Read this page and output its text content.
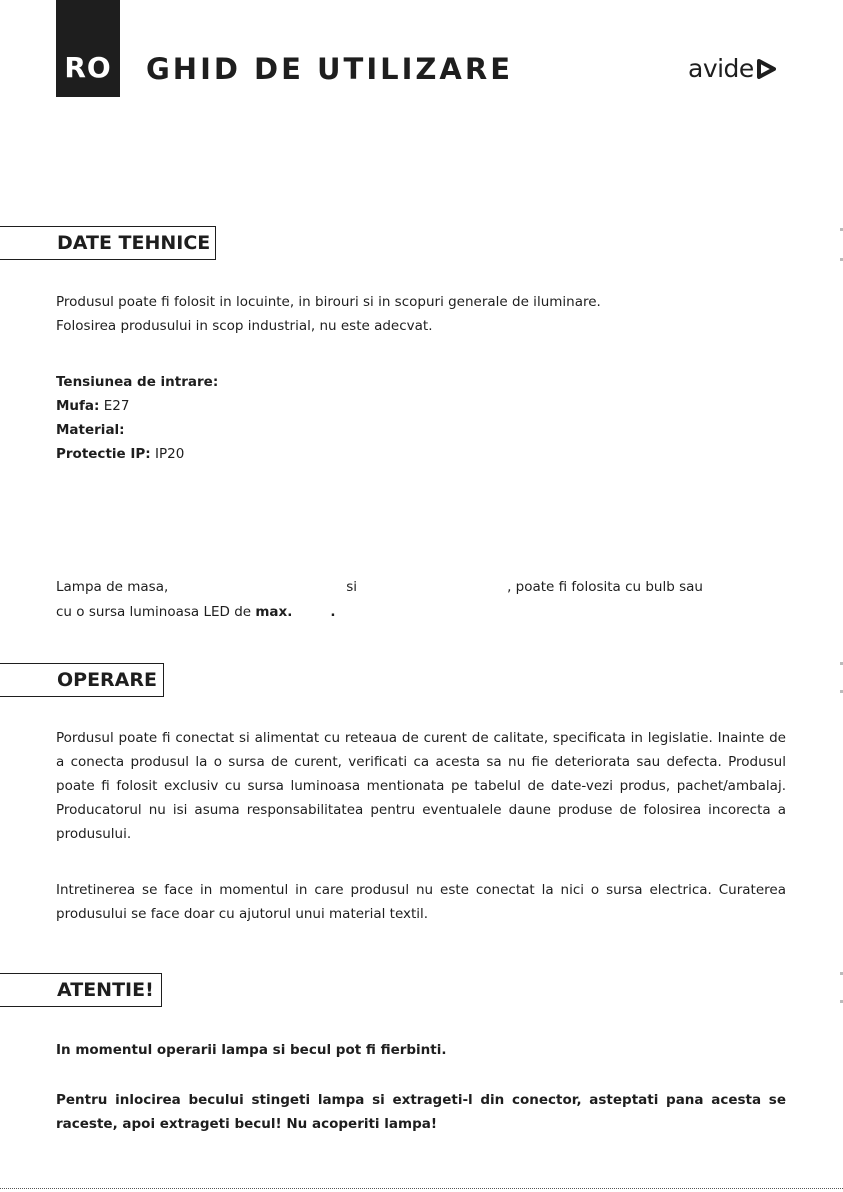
RO GHID DE UTILIZARE	avide
DATE TEHNICE
Produsul poate fi folosit in locuinte, in birouri si in scopuri generale de iluminare.
Folosirea produsului in scop industrial, nu este adecvat.
Tensiunea de intrare:
Mufa: E27
Material:
Protectie IP: IP20
Lampa de masa,	si	, poate fi folosita cu bulb sau
cu o sursa luminoasa LED de max.	.
OPERARE
Pordusul poate fi conectat si alimentat cu reteaua de curent de calitate, specificata in legislatie. Inainte de a conecta produsul la o sursa de curent, verificati ca acesta sa nu fie deteriorata sau defecta. Produsul poate fi folosit exclusiv cu sursa luminoasa mentionata pe tabelul de date-vezi produs, pachet/ambalaj. Producatorul nu isi asuma responsabilitatea pentru eventualele daune produse de folosirea incorecta a produsului.
Intretinerea se face in momentul in care produsul nu este conectat la nici o sursa electrica. Curaterea produsului se face doar cu ajutorul unui material textil.
ATENTIE!
In momentul operarii lampa si becul pot fi fierbinti.
Pentru inlocirea becului stingeti lampa si extrageti-l din conector, asteptati pana acesta se raceste, apoi extrageti becul! Nu acoperiti lampa!
